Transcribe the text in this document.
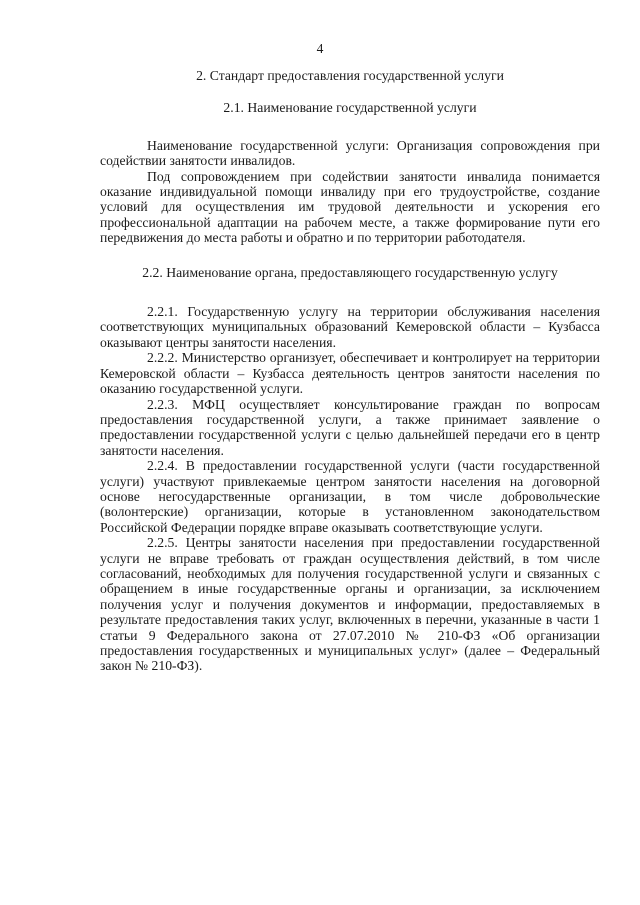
4

2. Стандарт предоставления государственной услуги

2.1. Наименование государственной услуги

Наименование государственной услуги: Организация сопровождения при содействии занятости инвалидов.

Под сопровождением при содействии занятости инвалида понимается оказание индивидуальной помощи инвалиду при его трудоустройстве, создание условий для осуществления им трудовой деятельности и ускорения его профессиональной адаптации на рабочем месте, а также формирование пути его передвижения до места работы и обратно и по территории работодателя.

2.2. Наименование органа, предоставляющего государственную услугу

2.2.1. Государственную услугу на территории обслуживания населения соответствующих муниципальных образований Кемеровской области – Кузбасса оказывают центры занятости населения.

2.2.2. Министерство организует, обеспечивает и контролирует на территории Кемеровской области – Кузбасса деятельность центров занятости населения по оказанию государственной услуги.

2.2.3. МФЦ осуществляет консультирование граждан по вопросам предоставления государственной услуги, а также принимает заявление о предоставлении государственной услуги с целью дальнейшей передачи его в центр занятости населения.

2.2.4. В предоставлении государственной услуги (части государственной услуги) участвуют привлекаемые центром занятости населения на договорной основе негосударственные организации, в том числе добровольческие (волонтерские) организации, которые в установленном законодательством Российской Федерации порядке вправе оказывать соответствующие услуги.

2.2.5. Центры занятости населения при предоставлении государственной услуги не вправе требовать от граждан осуществления действий, в том числе согласований, необходимых для получения государственной услуги и связанных с обращением в иные государственные органы и организации, за исключением получения услуг и получения документов и информации, предоставляемых в результате предоставления таких услуг, включенных в перечни, указанные в части 1 статьи 9 Федерального закона от 27.07.2010 № 210-ФЗ «Об организации предоставления государственных и муниципальных услуг» (далее – Федеральный закон № 210-ФЗ).
